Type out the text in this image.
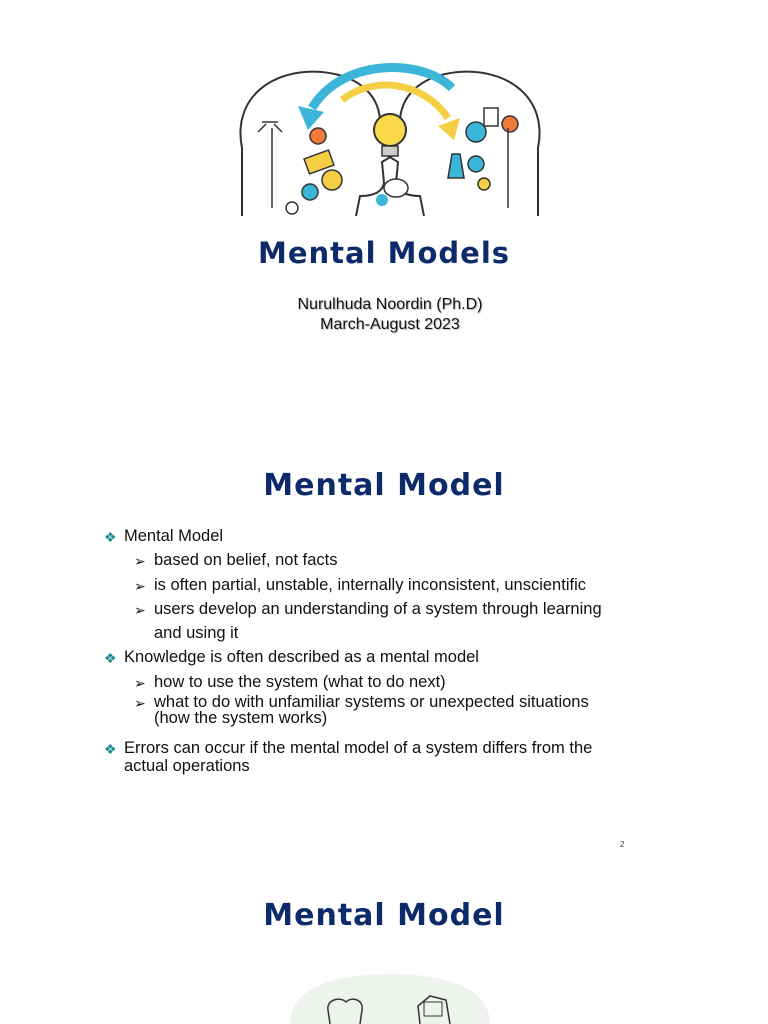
Mental Models
Nurulhuda Noordin (Ph.D)
March-August 2023
Mental Model
❖ Mental Model
➢ based on belief, not facts
➢ is often partial, unstable, internally inconsistent, unscientific
➢ users develop an understanding of a system through learning
and using it
❖ Knowledge is often described as a mental model
➢ how to use the system (what to do next)
➢ what to do with unfamiliar systems or unexpected situations
(how the system works)
❖ Errors can occur if the mental model of a system differs from the
actual operations
2
Mental Model
